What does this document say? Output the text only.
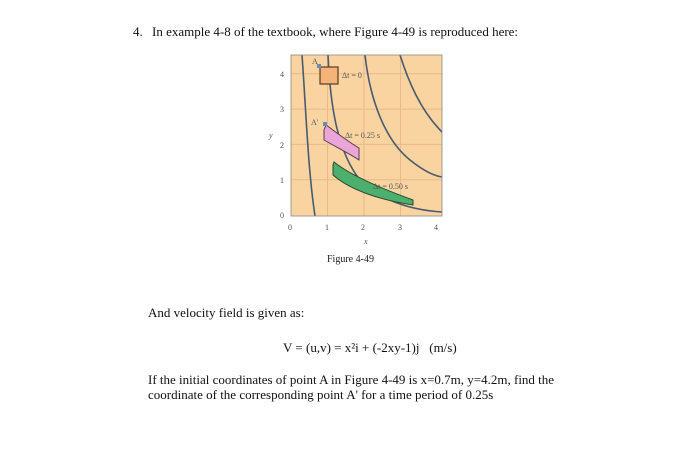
4. In example 4-8 of the textbook, where Figure 4-49 is reproduced here:
A
A'
Δt = 0
Δt = 0.25 s
Δt = 0.50 s
0	1	2	3	4
0
1
2
3
4
x
y
Figure 4-49
And velocity field is given as:
V = (u,v) = x²i + (-2xy-1)j   (m/s)
If the initial coordinates of point A in Figure 4-49 is x=0.7m, y=4.2m, find the
coordinate of the corresponding point A' for a time period of 0.25s
